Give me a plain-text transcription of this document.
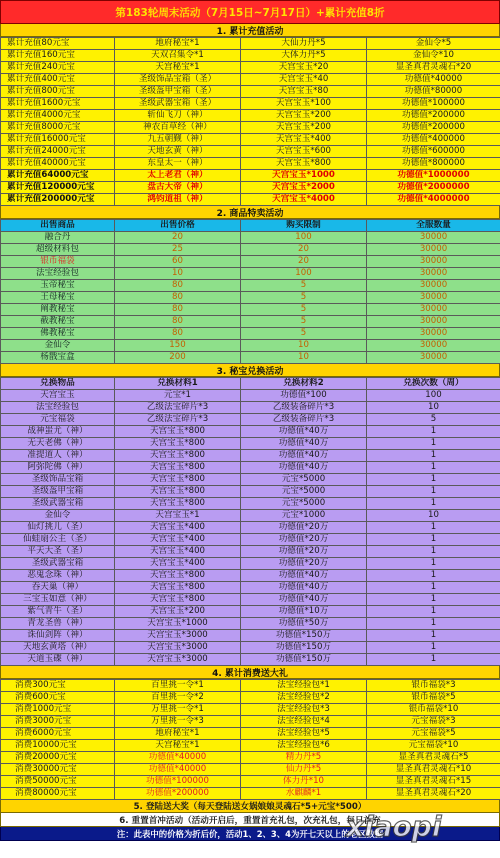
第183轮周末活动（7月15日~7月17日）+累计充值8折
1. 累计充值活动
累计充值80元宝	地府秘宝*1	大仙力丹*5	金仙令*5
累计充值160元宝	天双召集令*1	大体力丹*5	金仙令*10
累计充值240元宝	天宫秘宝*1	天宫宝玉*20	显圣真君灵魂石*20
累计充值400元宝	圣级饰品宝箱（圣）	天宫宝玉*40	功德值*40000
累计充值800元宝	圣级盔甲宝箱（圣）	天宫宝玉*80	功德值*80000
累计充值1600元宝	圣级武器宝箱（圣）	天宫宝玉*100	功德值*100000
累计充值4000元宝	斩仙飞刀（神）	天宫宝玉*200	功德值*200000
累计充值8000元宝	神农百草经（神）	天宫宝玉*200	功德值*200000
累计充值16000元宝	九五朝觐（神）	天宫宝玉*400	功德值*400000
累计充值24000元宝	天地玄黄（神）	天宫宝玉*600	功德值*600000
累计充值40000元宝	东皇太一（神）	天宫宝玉*800	功德值*800000
累计充值64000元宝	太上老君（神）	天宫宝玉*1000	功德值*1000000
累计充值120000元宝	盘古大帝（神）	天宫宝玉*2000	功德值*2000000
累计充值200000元宝	鸿钧道祖（神）	天宫宝玉*4000	功德值*4000000
2. 商品特卖活动
出售商品	出售价格	购买限制	全服数量
融合丹	20	100	30000
超级材料包	25	20	30000
银币福袋	60	20	30000
法宝经验包	10	100	30000
玉帝秘宝	80	5	30000
王母秘宝	80	5	30000
阐教秘宝	80	5	30000
截教秘宝	80	5	30000
佛教秘宝	80	5	30000
金仙令	150	10	30000
杨戬宝盒	200	10	30000
3. 秘宝兑换活动
兑换物品	兑换材料1	兑换材料2	兑换次数（周）
天宫宝玉	元宝*1	功德值*100	100
法宝经验包	乙级法宝碎片*3	乙级装备碎片*3	10
元宝福袋	乙级法宝碎片*3	乙级装备碎片*3	5
战神蚩尤（神）	天宫宝玉*800	功德值*40万	1
无天老佛（神）	天宫宝玉*800	功德值*40万	1
准提道人（神）	天宫宝玉*800	功德值*40万	1
阿弥陀佛（神）	天宫宝玉*800	功德值*40万	1
圣级饰品宝箱	天宫宝玉*800	元宝*5000	1
圣级盔甲宝箱	天宫宝玉*800	元宝*5000	1
圣级武器宝箱	天宫宝玉*800	元宝*5000	1
金仙令	天宫宝玉*1	元宝*1000	10
仙灯挑儿（圣）	天宫宝玉*400	功德值*20万	1
仙蛙扇公主（圣）	天宫宝玉*400	功德值*20万	1
平天大圣（圣）	天宫宝玉*400	功德值*20万	1
圣级武器宝箱	天宫宝玉*400	功德值*20万	1
恶鬼念珠（神）	天宫宝玉*800	功德值*40万	1
吞天巢（神）	天宫宝玉*800	功德值*40万	1
三宝玉如意（神）	天宫宝玉*800	功德值*40万	1
紫气青牛（圣）	天宫宝玉*200	功德值*10万	1
青龙圣兽（神）	天宫宝玉*1000	功德值*50万	1
诛仙剑阵（神）	天宫宝玉*3000	功德值*150万	1
天地玄黄塔（神）	天宫宝玉*3000	功德值*150万	1
天道玉碟（神）	天宫宝玉*3000	功德值*150万	1
4. 累计消费送大礼
消费300元宝	百里挑一令*1	法宝经验包*1	银币福袋*3
消费600元宝	百里挑一令*2	法宝经验包*2	银币福袋*5
消费1000元宝	万里挑一令*1	法宝经验包*3	银币福袋*10
消费3000元宝	万里挑一令*3	法宝经验包*4	元宝福袋*3
消费6000元宝	地府秘宝*1	法宝经验包*5	元宝福袋*5
消费10000元宝	天宫秘宝*1	法宝经验包*6	元宝福袋*10
消费20000元宝	功德值*40000	精力丹*5	显圣真君灵魂石*5
消费30000元宝	功德值*40000	仙力丹*5	显圣真君灵魂石*10
消费50000元宝	功德值*100000	体力丹*10	显圣真君灵魂石*15
消费80000元宝	功德值*200000	水麒麟*1	显圣真君灵魂石*20
5. 登陆送大奖（每天登陆送女娲娘娘灵魂石*5+元宝*500）
6. 重置首冲活动（活动开启后，重置首充礼包，次充礼包，每日首充
注：此表中的价格为折后价，活动1、2、3、4为开七天以上的老区数据
xiaopi
